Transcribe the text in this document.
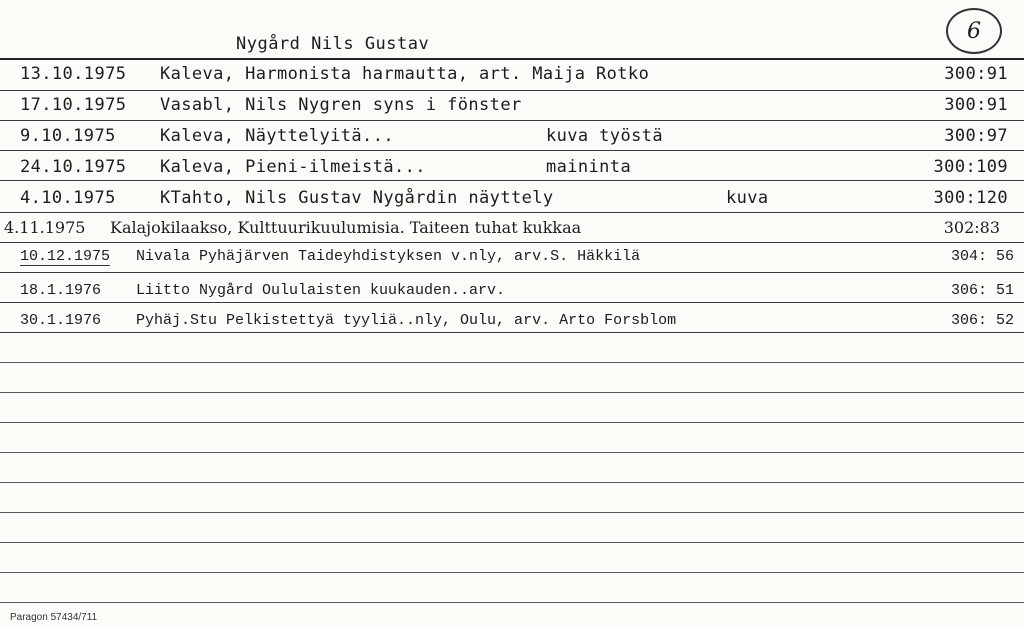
Nygård Nils Gustav
6
13.10.1975 Kaleva, Harmonista harmautta, art. Maija Rotko	300:91
17.10.1975 Vasabl, Nils Nygren syns i fönster	300:91
9.10.1975	Kaleva, Näyttelyitä...	kuva työstä	300:97
24.10.1975 Kaleva, Pieni-ilmeistä...	maininta	300:109
4.10.1975	KTahto, Nils Gustav Nygårdin näyttely	kuva	300:120
4.11.1975 Kalajokilaakso, Kulttuurikuulumisia. Taiteen tuhat kukkaa	302:83
10.12.1975 Nivala Pyhäjärven Taideyhdistyksen v.nly, arv.S. Häkkilä	304: 56
18.1.1976 Liitto Nygård Oululaisten kuukauden..arv.	306: 51
30.1.1976 Pyhäj.Stu Pelkistettyä tyyliä..nly, Oulu, arv. Arto Forsblom	306: 52
Paragon 57434/711
